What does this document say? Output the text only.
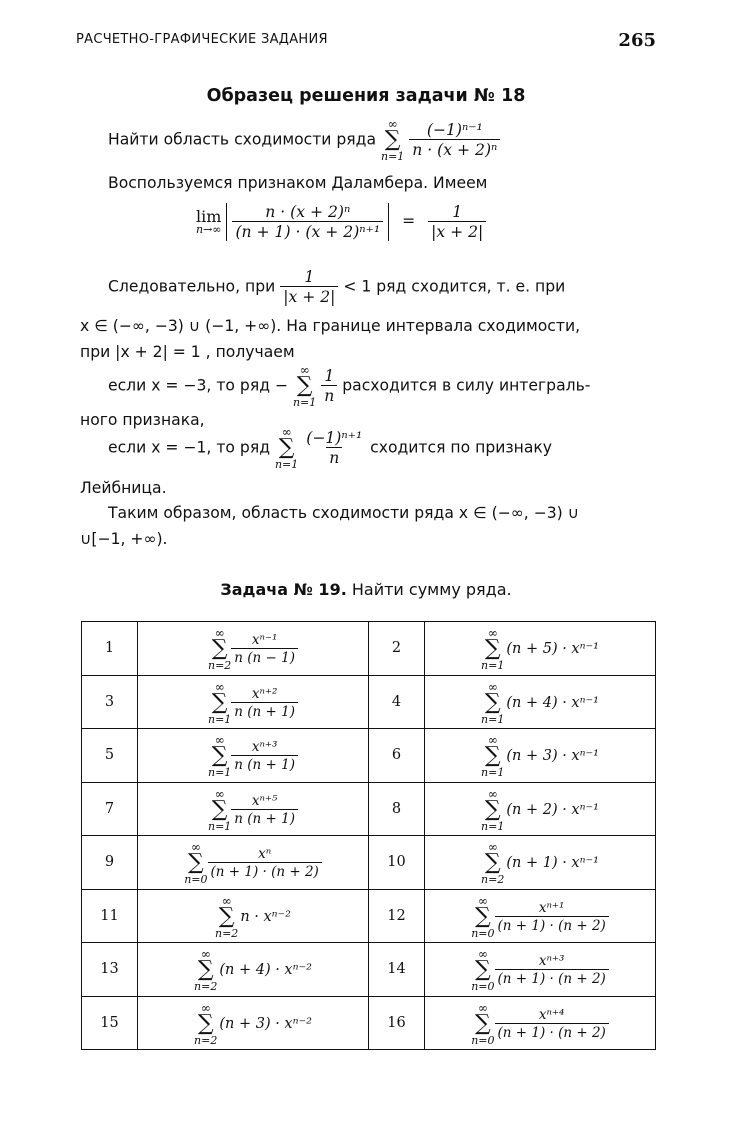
РАСЧЕТНО-ГРАФИЧЕСКИЕ ЗАДАНИЯ	265
Образец решения задачи № 18
Найти область сходимости ряда
∞
∑
n=1
$\frac{\text{(−1)ⁿ⁻¹}}{\text{n · (x + 2)ⁿ}}$
Воспользуемся признаком Даламбера. Имеем
lim
n→∞
$\frac{\text{n · (x + 2)ⁿ}}{\text{(n + 1) · (x + 2)ⁿ⁺¹}} = \frac{1}{|x + 2|}$
Следовательно, при $\frac{1}{|x + 2|} < 1$ ряд сходится, т. е. при
x ∈ (−∞, −3) ∪ (−1, +∞). На границе интервала сходимости,
при |x + 2| = 1 , получаем
если x = −3, то ряд −
∞
∑
n=1
$\frac{1}{n}$ расходится в силу интеграль-
ного признака,
если x = −1, то ряд
∞
∑
n=1
$\frac{\text{(−1)ⁿ⁺¹}}{n}$ сходится по признаку
Лейбница.
Таким образом, область сходимости ряда x ∈ (−∞, −3) ∪
∪[−1, +∞).
Задача № 19. Найти сумму ряда.
1	∞
∑
$n=2 \frac{\text{xⁿ⁻¹}}{n (n - 1)}$	2	∞
∑
n=1
(n + 5) · xⁿ⁻¹

3	∞
∑
$n=1 \frac{\text{xⁿ⁺²}}{n (n + 1)}$	4	∞
∑
n=1
(n + 4) · xⁿ⁻¹

5	∞
∑
$n=1 \frac{\text{xⁿ⁺³}}{n (n + 1)}$	6	∞
∑
n=1
(n + 3) · xⁿ⁻¹

7	∞
∑
$n=1 \frac{\text{xⁿ⁺⁵}}{n (n + 1)}$	8	∞
∑
n=1
(n + 2) · xⁿ⁻¹

9	∞
∑
$n=0 \frac{\text{xⁿ}}{(n + 1) \cdot (n + 2)}$	10	∞
∑
n=2
(n + 1) · xⁿ⁻¹

11	∞
∑
n=2
n · xⁿ⁻²	12	∞
∑
$n=0 \frac{\text{xⁿ⁺¹}}{(n + 1) \cdot (n + 2)}$

13	∞
∑
n=2
(n + 4) · xⁿ⁻²	14	∞
∑
$n=0 \frac{\text{xⁿ⁺³}}{(n + 1) \cdot (n + 2)}$

15	∞
∑
n=2
(n + 3) · xⁿ⁻²	16	∞
∑
$n=0 \frac{\text{xⁿ⁺⁴}}{(n + 1) \cdot (n + 2)}$
